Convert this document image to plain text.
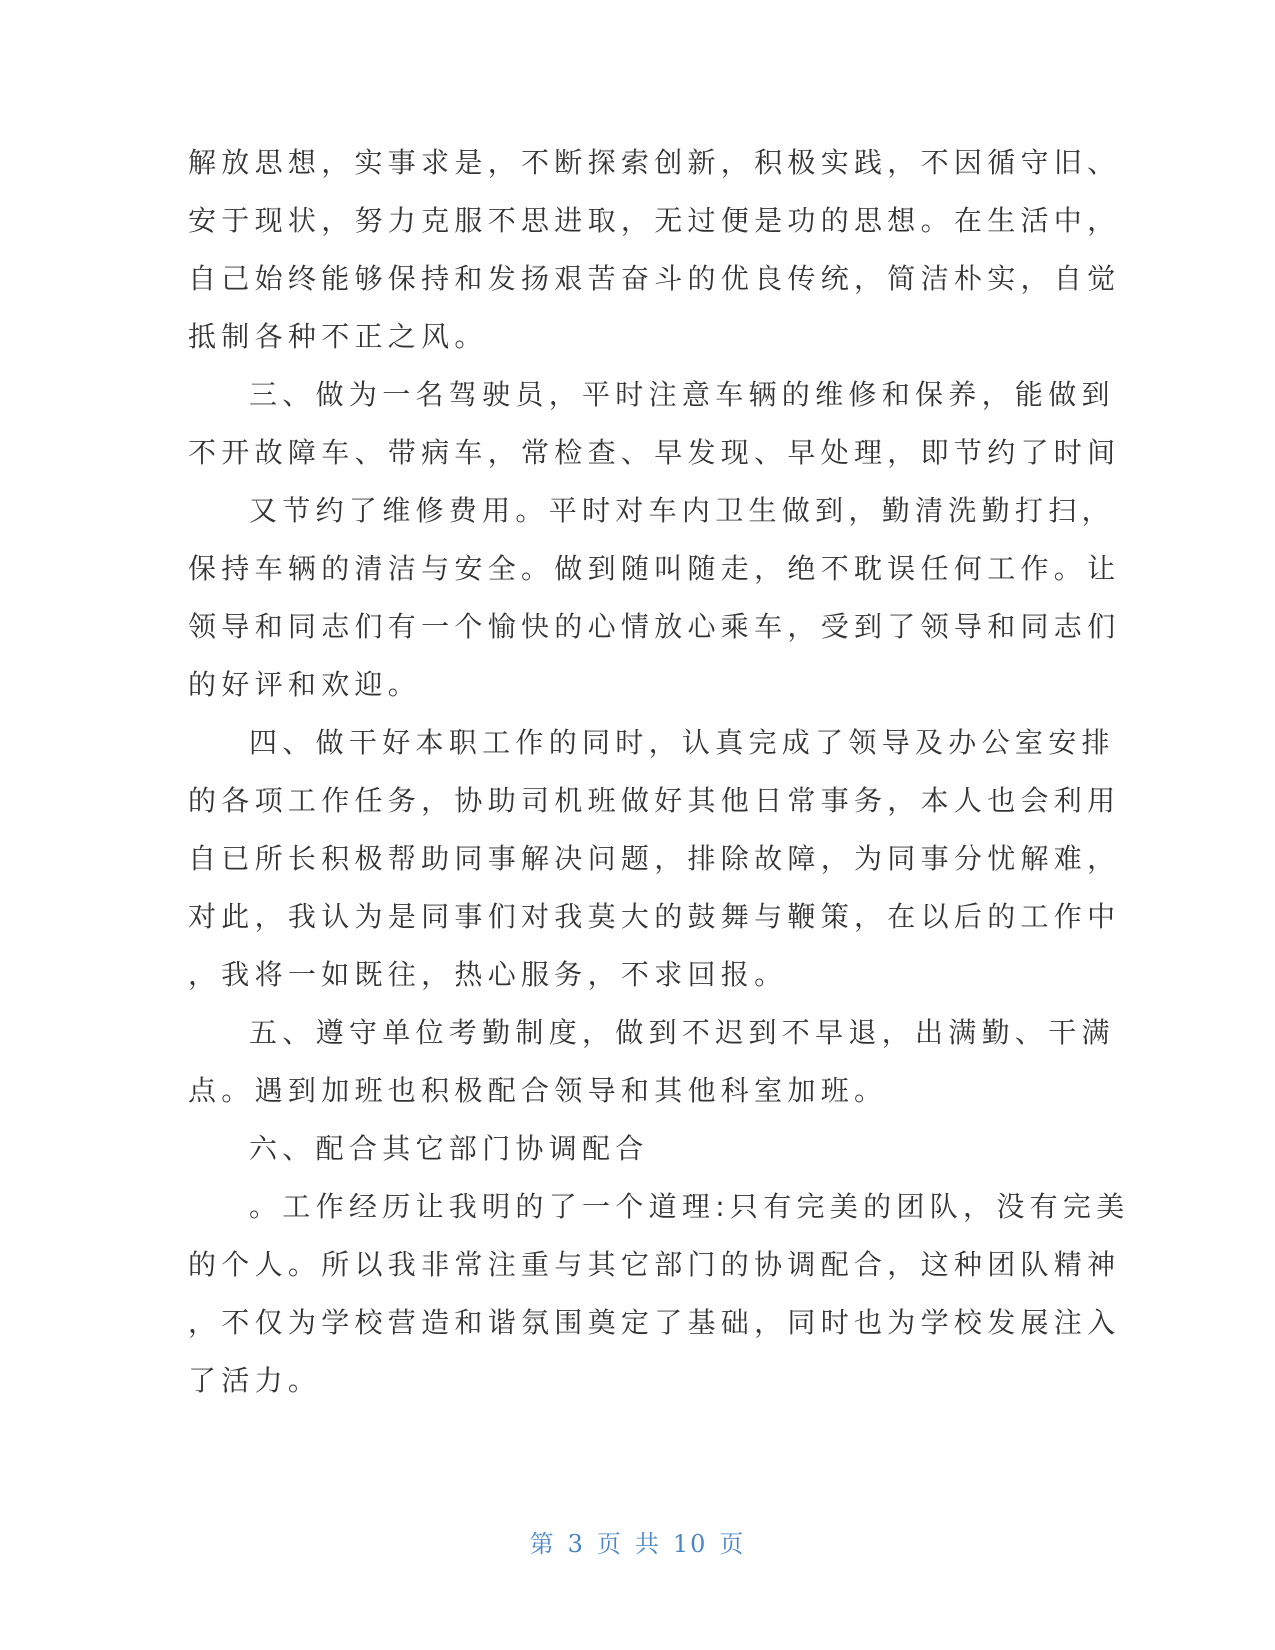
解放思想，实事求是，不断探索创新，积极实践，不因循守旧、
安于现状，努力克服不思进取，无过便是功的思想。在生活中，
自己始终能够保持和发扬艰苦奋斗的优良传统，简洁朴实，自觉
抵制各种不正之风。
三、做为一名驾驶员，平时注意车辆的维修和保养，能做到
不开故障车、带病车，常检查、早发现、早处理，即节约了时间
又节约了维修费用。平时对车内卫生做到，勤清洗勤打扫，
保持车辆的清洁与安全。做到随叫随走，绝不耽误任何工作。让
领导和同志们有一个愉快的心情放心乘车，受到了领导和同志们
的好评和欢迎。
四、做干好本职工作的同时，认真完成了领导及办公室安排
的各项工作任务，协助司机班做好其他日常事务，本人也会利用
自已所长积极帮助同事解决问题，排除故障，为同事分忧解难，
对此，我认为是同事们对我莫大的鼓舞与鞭策，在以后的工作中
，我将一如既往，热心服务，不求回报。
五、遵守单位考勤制度，做到不迟到不早退，出满勤、干满
点。遇到加班也积极配合领导和其他科室加班。
六、配合其它部门协调配合
。工作经历让我明的了一个道理:只有完美的团队，没有完美
的个人。所以我非常注重与其它部门的协调配合，这种团队精神
，不仅为学校营造和谐氛围奠定了基础，同时也为学校发展注入
了活力。
第 3 页 共 10 页
